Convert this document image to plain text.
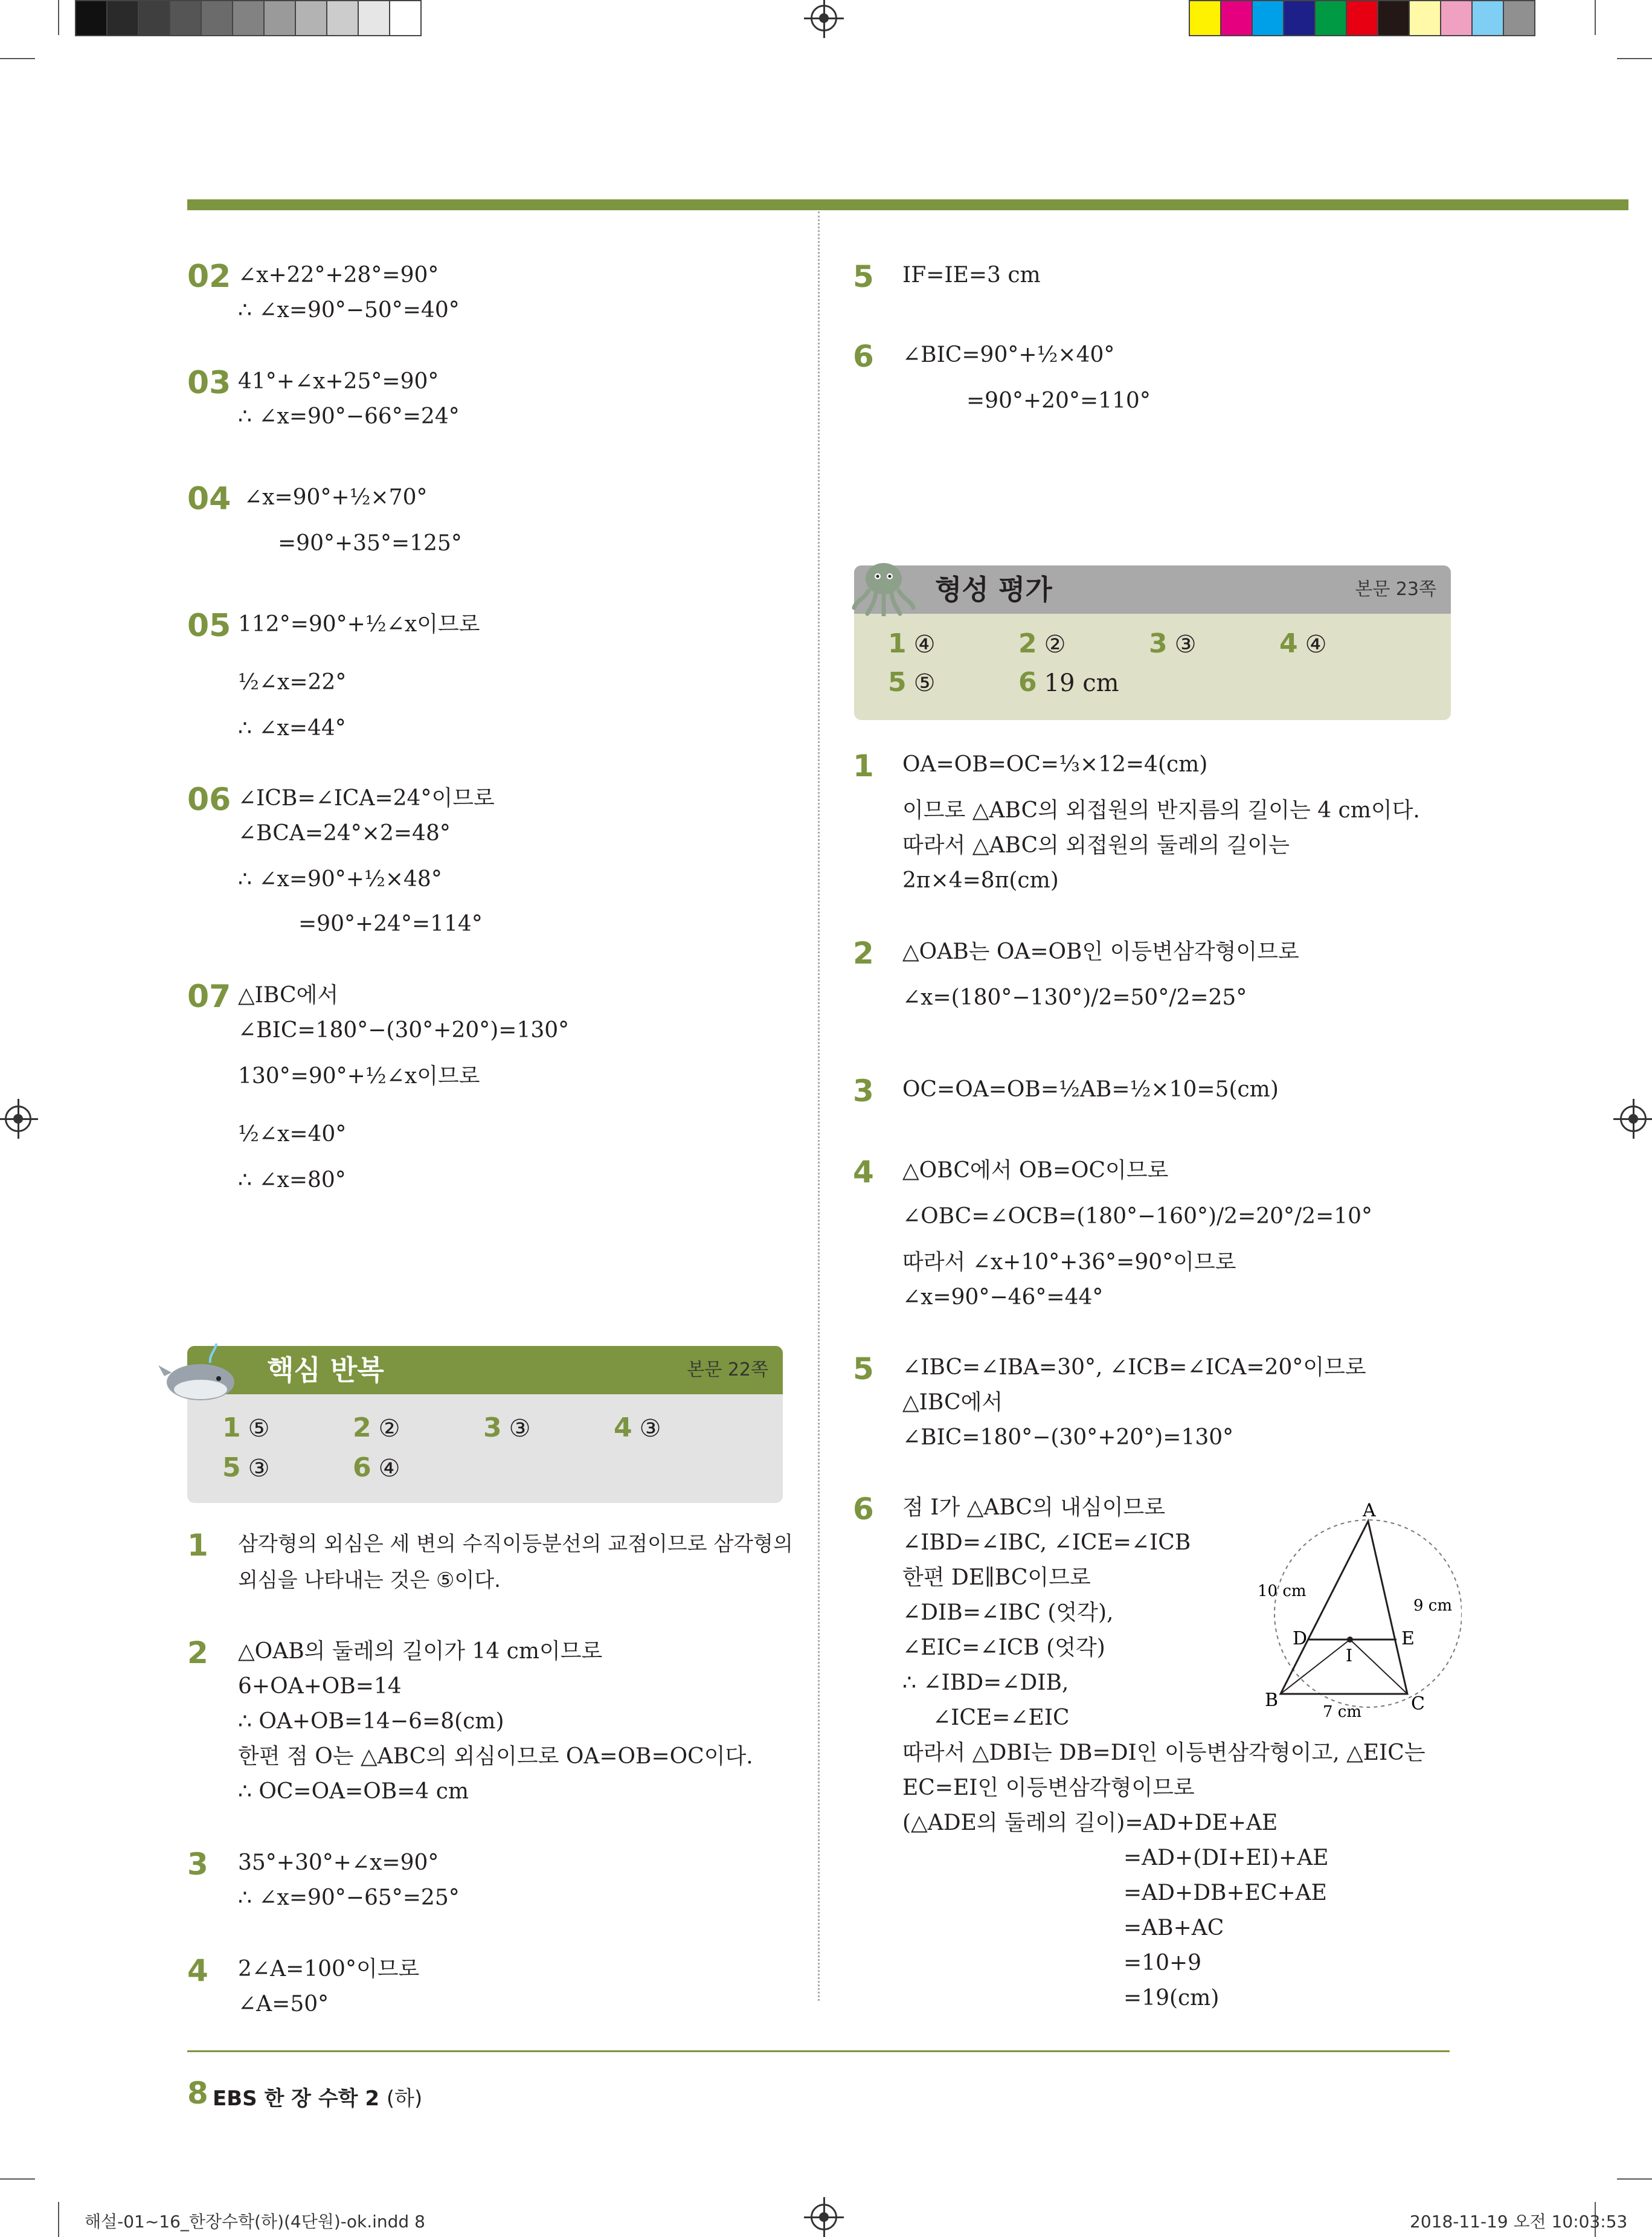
02 ∠x+22°+28°=90°
∴ ∠x=90°−50°=40°
03 41°+∠x+25°=90°
∴ ∠x=90°−66°=24°
04 ∠x=90°+½×70°
=90°+35°=125°
05 112°=90°+½∠x이므로
½∠x=22°
∴ ∠x=44°
06 ∠ICB=∠ICA=24°이므로
∠BCA=24°×2=48°
∴ ∠x=90°+½×48°
=90°+24°=114°
07 △IBC에서
∠BIC=180°−(30°+20°)=130°
130°=90°+½∠x이므로
½∠x=40°
∴ ∠x=80°
핵심 반복	본문 22쪽
1 ⑤	2 ②	3 ③	4 ③
5 ③	6 ④
1 삼각형의 외심은 세 변의 수직이등분선의 교점이므로 삼각형의
외심을 나타내는 것은 ⑤이다.
2 △OAB의 둘레의 길이가 14 cm이므로
6+OA+OB=14
∴ OA+OB=14−6=8(cm)
한편 점 O는 △ABC의 외심이므로 OA=OB=OC이다.
∴ OC=OA=OB=4 cm
3 35°+30°+∠x=90°
∴ ∠x=90°−65°=25°
4 2∠A=100°이므로
∠A=50°
5 IF=IE=3 cm
6 ∠BIC=90°+½×40°
=90°+20°=110°
형성 평가	본문 23쪽
1 ④	2 ②	3 ③	4 ④
5 ⑤	6 19 cm
1 OA=OB=OC=⅓×12=4(cm)
이므로 △ABC의 외접원의 반지름의 길이는 4 cm이다.
따라서 △ABC의 외접원의 둘레의 길이는
2π×4=8π(cm)
2 △OAB는 OA=OB인 이등변삼각형이므로
∠x=(180°−130°)/2=50°/2=25°
3 OC=OA=OB=½AB=½×10=5(cm)
4 △OBC에서 OB=OC이므로
∠OBC=∠OCB=(180°−160°)/2=20°/2=10°
따라서 ∠x+10°+36°=90°이므로
∠x=90°−46°=44°
5 ∠IBC=∠IBA=30°, ∠ICB=∠ICA=20°이므로
△IBC에서
∠BIC=180°−(30°+20°)=130°
6 점 I가 △ABC의 내심이므로
∠IBD=∠IBC, ∠ICE=∠ICB
한편 DE∥BC이므로
∠DIB=∠IBC (엇각),
∠EIC=∠ICB (엇각)
∴ ∠IBD=∠DIB,
∠ICE=∠EIC
따라서 △DBI는 DB=DI인 이등변삼각형이고, △EIC는
EC=EI인 이등변삼각형이므로
(△ADE의 둘레의 길이)=AD+DE+AE
=AD+(DI+EI)+AE
=AD+DB+EC+AE
=AB+AC
=10+9
=19(cm)
A
B	C
D	E
I
10 cm
9 cm
7 cm
8 EBS 한 장 수학 2 (하)
해설-01~16_한장수학(하)(4단원)-ok.indd 8	2018-11-19 오전 10:03:53
